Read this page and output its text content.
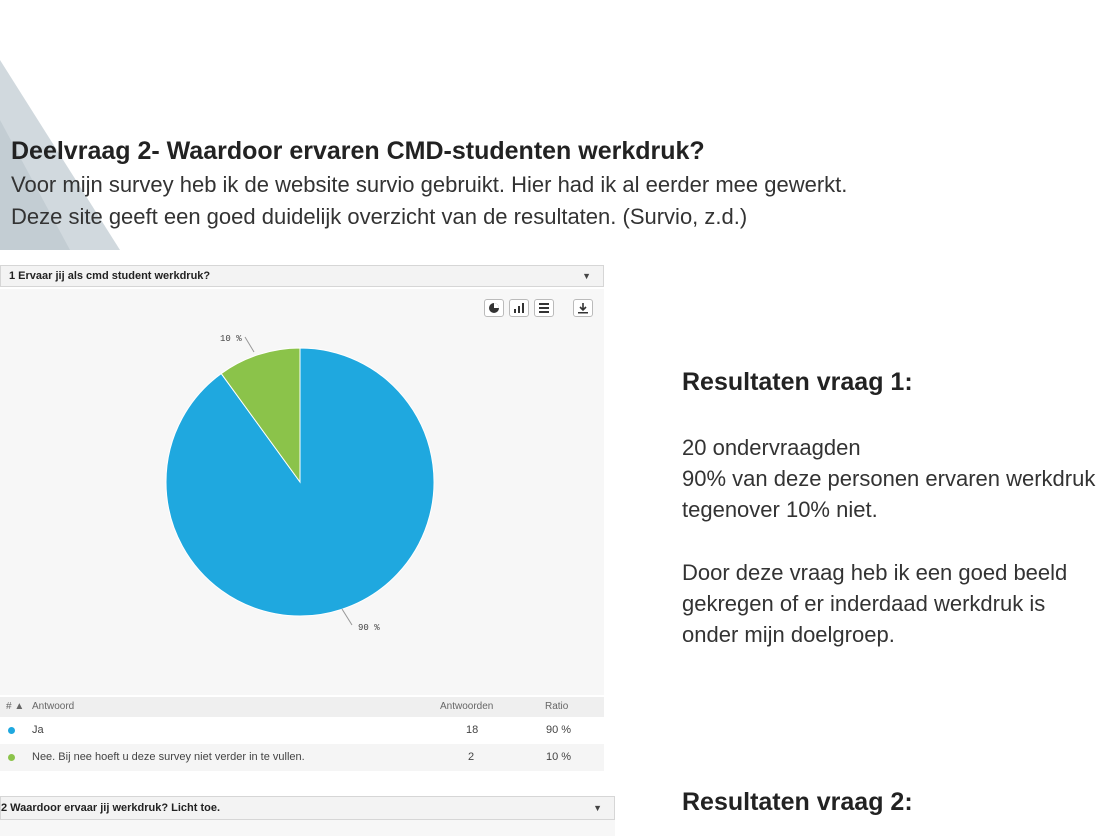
Deelvraag 2- Waardoor ervaren CMD-studenten werkdruk?
Voor mijn survey heb ik de website survio gebruikt. Hier had ik al eerder mee gewerkt.
Deze site geeft een goed duidelijk overzicht van de resultaten. (Survio, z.d.)
1 Ervaar jij als cmd student werkdruk?	▼
10 %
90 %
# ▲ Antwoord	Antwoorden	Ratio
Ja	18	90 %
Nee. Bij nee hoeft u deze survey niet verder in te vullen.	2	10 %
2 Waardoor ervaar jij werkdruk? Licht toe.	▼
Resultaten vraag 1:
20 ondervraagden
90% van deze personen ervaren werkdruk
tegenover 10% niet.
Door deze vraag heb ik een goed beeld
gekregen of er inderdaad werkdruk is
onder mijn doelgroep.
Resultaten vraag 2:
